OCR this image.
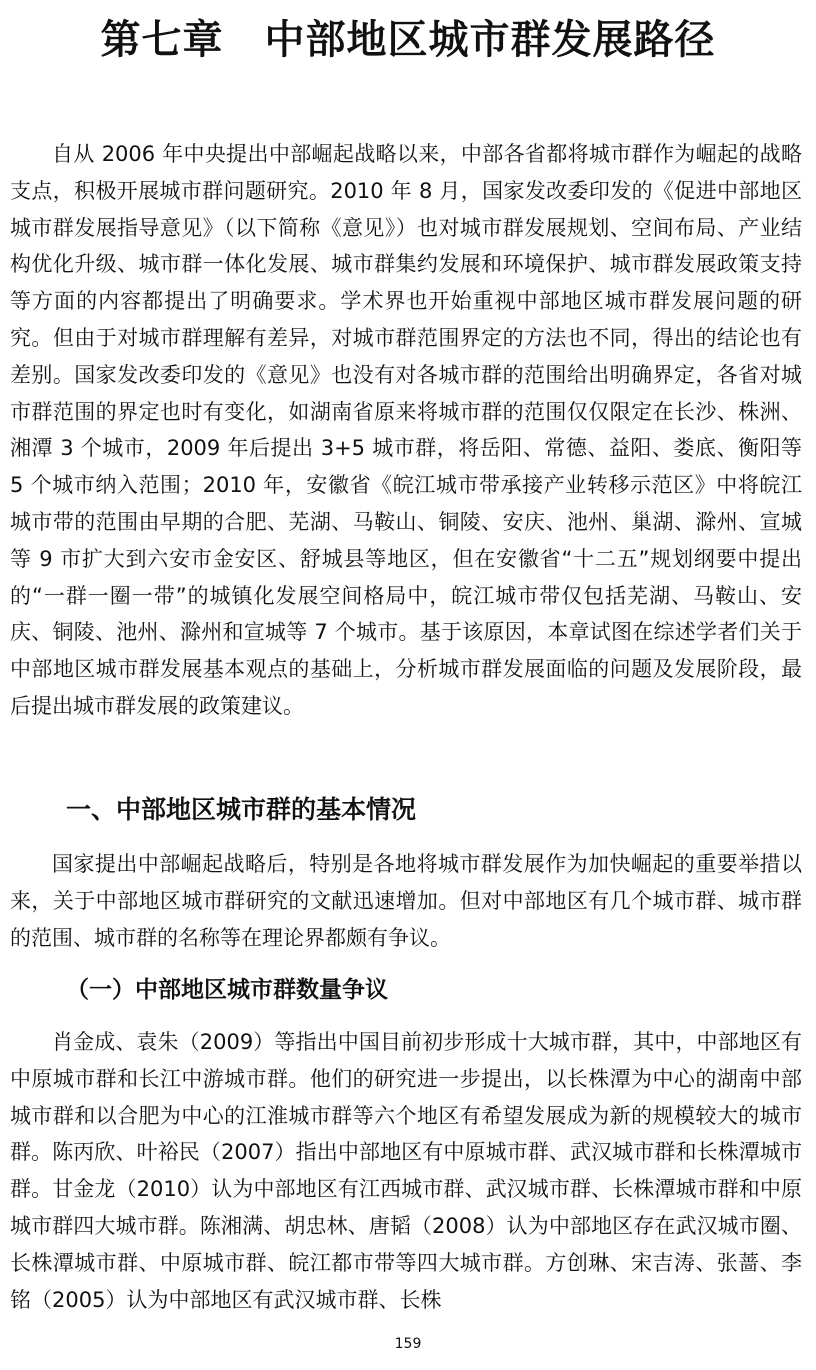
第七章　中部地区城市群发展路径

自从 2006 年中央提出中部崛起战略以来，中部各省都将城市群作为崛起的战略支点，积极开展城市群问题研究。2010 年 8 月，国家发改委印发的《促进中部地区城市群发展指导意见》（以下简称《意见》）也对城市群发展规划、空间布局、产业结构优化升级、城市群一体化发展、城市群集约发展和环境保护、城市群发展政策支持等方面的内容都提出了明确要求。学术界也开始重视中部地区城市群发展问题的研究。但由于对城市群理解有差异，对城市群范围界定的方法也不同，得出的结论也有差别。国家发改委印发的《意见》也没有对各城市群的范围给出明确界定，各省对城市群范围的界定也时有变化，如湖南省原来将城市群的范围仅仅限定在长沙、株洲、湘潭 3 个城市，2009 年后提出 3+5 城市群，将岳阳、常德、益阳、娄底、衡阳等 5 个城市纳入范围；2010 年，安徽省《皖江城市带承接产业转移示范区》中将皖江城市带的范围由早期的合肥、芜湖、马鞍山、铜陵、安庆、池州、巢湖、滁州、宣城等 9 市扩大到六安市金安区、舒城县等地区，但在安徽省“十二五”规划纲要中提出的“一群一圈一带”的城镇化发展空间格局中，皖江城市带仅包括芜湖、马鞍山、安庆、铜陵、池州、滁州和宣城等 7 个城市。基于该原因，本章试图在综述学者们关于中部地区城市群发展基本观点的基础上，分析城市群发展面临的问题及发展阶段，最后提出城市群发展的政策建议。

一、中部地区城市群的基本情况

国家提出中部崛起战略后，特别是各地将城市群发展作为加快崛起的重要举措以来，关于中部地区城市群研究的文献迅速增加。但对中部地区有几个城市群、城市群的范围、城市群的名称等在理论界都颇有争议。

（一）中部地区城市群数量争议

肖金成、袁朱（2009）等指出中国目前初步形成十大城市群，其中，中部地区有中原城市群和长江中游城市群。他们的研究进一步提出，以长株潭为中心的湖南中部城市群和以合肥为中心的江淮城市群等六个地区有希望发展成为新的规模较大的城市群。陈丙欣、叶裕民（2007）指出中部地区有中原城市群、武汉城市群和长株潭城市群。甘金龙（2010）认为中部地区有江西城市群、武汉城市群、长株潭城市群和中原城市群四大城市群。陈湘满、胡忠林、唐韬（2008）认为中部地区存在武汉城市圈、长株潭城市群、中原城市群、皖江都市带等四大城市群。方创琳、宋吉涛、张蔷、李铭（2005）认为中部地区有武汉城市群、长株

159
